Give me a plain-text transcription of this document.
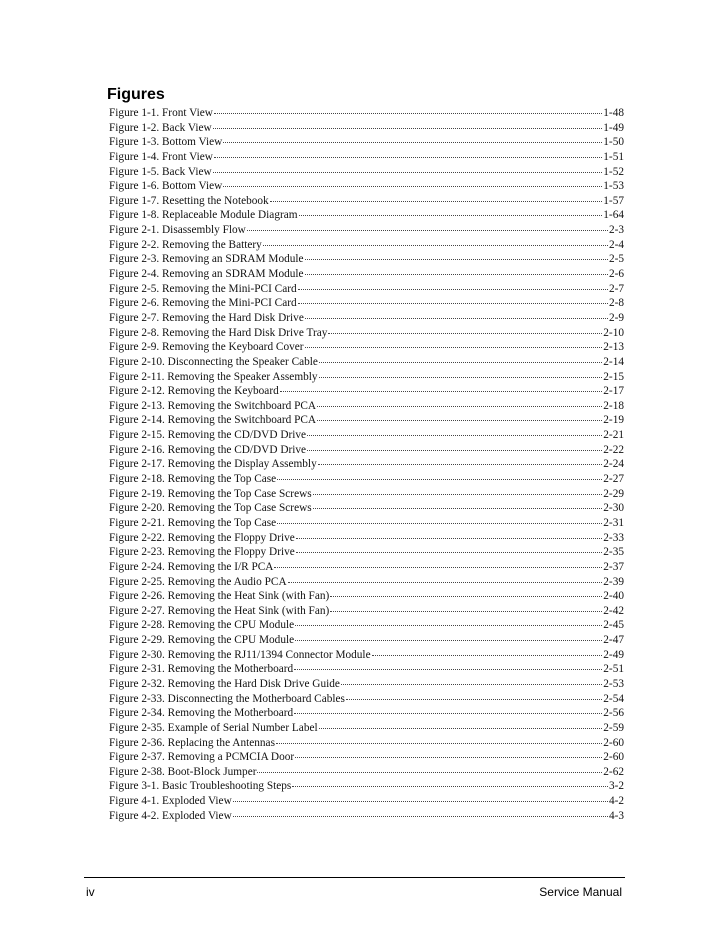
Figures
Figure 1-1. Front View	1-48
Figure 1-2. Back View	1-49
Figure 1-3. Bottom View	1-50
Figure 1-4. Front View	1-51
Figure 1-5. Back View	1-52
Figure 1-6. Bottom View	1-53
Figure 1-7. Resetting the Notebook	1-57
Figure 1-8. Replaceable Module Diagram	1-64
Figure 2-1. Disassembly Flow	2-3
Figure 2-2. Removing the Battery	2-4
Figure 2-3. Removing an SDRAM Module	2-5
Figure 2-4. Removing an SDRAM Module	2-6
Figure 2-5. Removing the Mini-PCI Card	2-7
Figure 2-6. Removing the Mini-PCI Card	2-8
Figure 2-7. Removing the Hard Disk Drive	2-9
Figure 2-8. Removing the Hard Disk Drive Tray	2-10
Figure 2-9. Removing the Keyboard Cover	2-13
Figure 2-10. Disconnecting the Speaker Cable	2-14
Figure 2-11. Removing the Speaker Assembly	2-15
Figure 2-12. Removing the Keyboard	2-17
Figure 2-13. Removing the Switchboard PCA	2-18
Figure 2-14. Removing the Switchboard PCA	2-19
Figure 2-15. Removing the CD/DVD Drive	2-21
Figure 2-16. Removing the CD/DVD Drive	2-22
Figure 2-17. Removing the Display Assembly	2-24
Figure 2-18. Removing the Top Case	2-27
Figure 2-19. Removing the Top Case Screws	2-29
Figure 2-20. Removing the Top Case Screws	2-30
Figure 2-21. Removing the Top Case	2-31
Figure 2-22. Removing the Floppy Drive	2-33
Figure 2-23. Removing the Floppy Drive	2-35
Figure 2-24. Removing the I/R PCA	2-37
Figure 2-25. Removing the Audio PCA	2-39
Figure 2-26. Removing the Heat Sink (with Fan)	2-40
Figure 2-27. Removing the Heat Sink (with Fan)	2-42
Figure 2-28. Removing the CPU Module	2-45
Figure 2-29. Removing the CPU Module	2-47
Figure 2-30. Removing the RJ11/1394 Connector Module	2-49
Figure 2-31. Removing the Motherboard	2-51
Figure 2-32. Removing the Hard Disk Drive Guide	2-53
Figure 2-33. Disconnecting the Motherboard Cables	2-54
Figure 2-34. Removing the Motherboard	2-56
Figure 2-35. Example of Serial Number Label	2-59
Figure 2-36. Replacing the Antennas	2-60
Figure 2-37. Removing a PCMCIA Door	2-60
Figure 2-38. Boot-Block Jumper	2-62
Figure 3-1. Basic Troubleshooting Steps	3-2
Figure 4-1. Exploded View	4-2
Figure 4-2. Exploded View	4-3
iv	Service Manual
